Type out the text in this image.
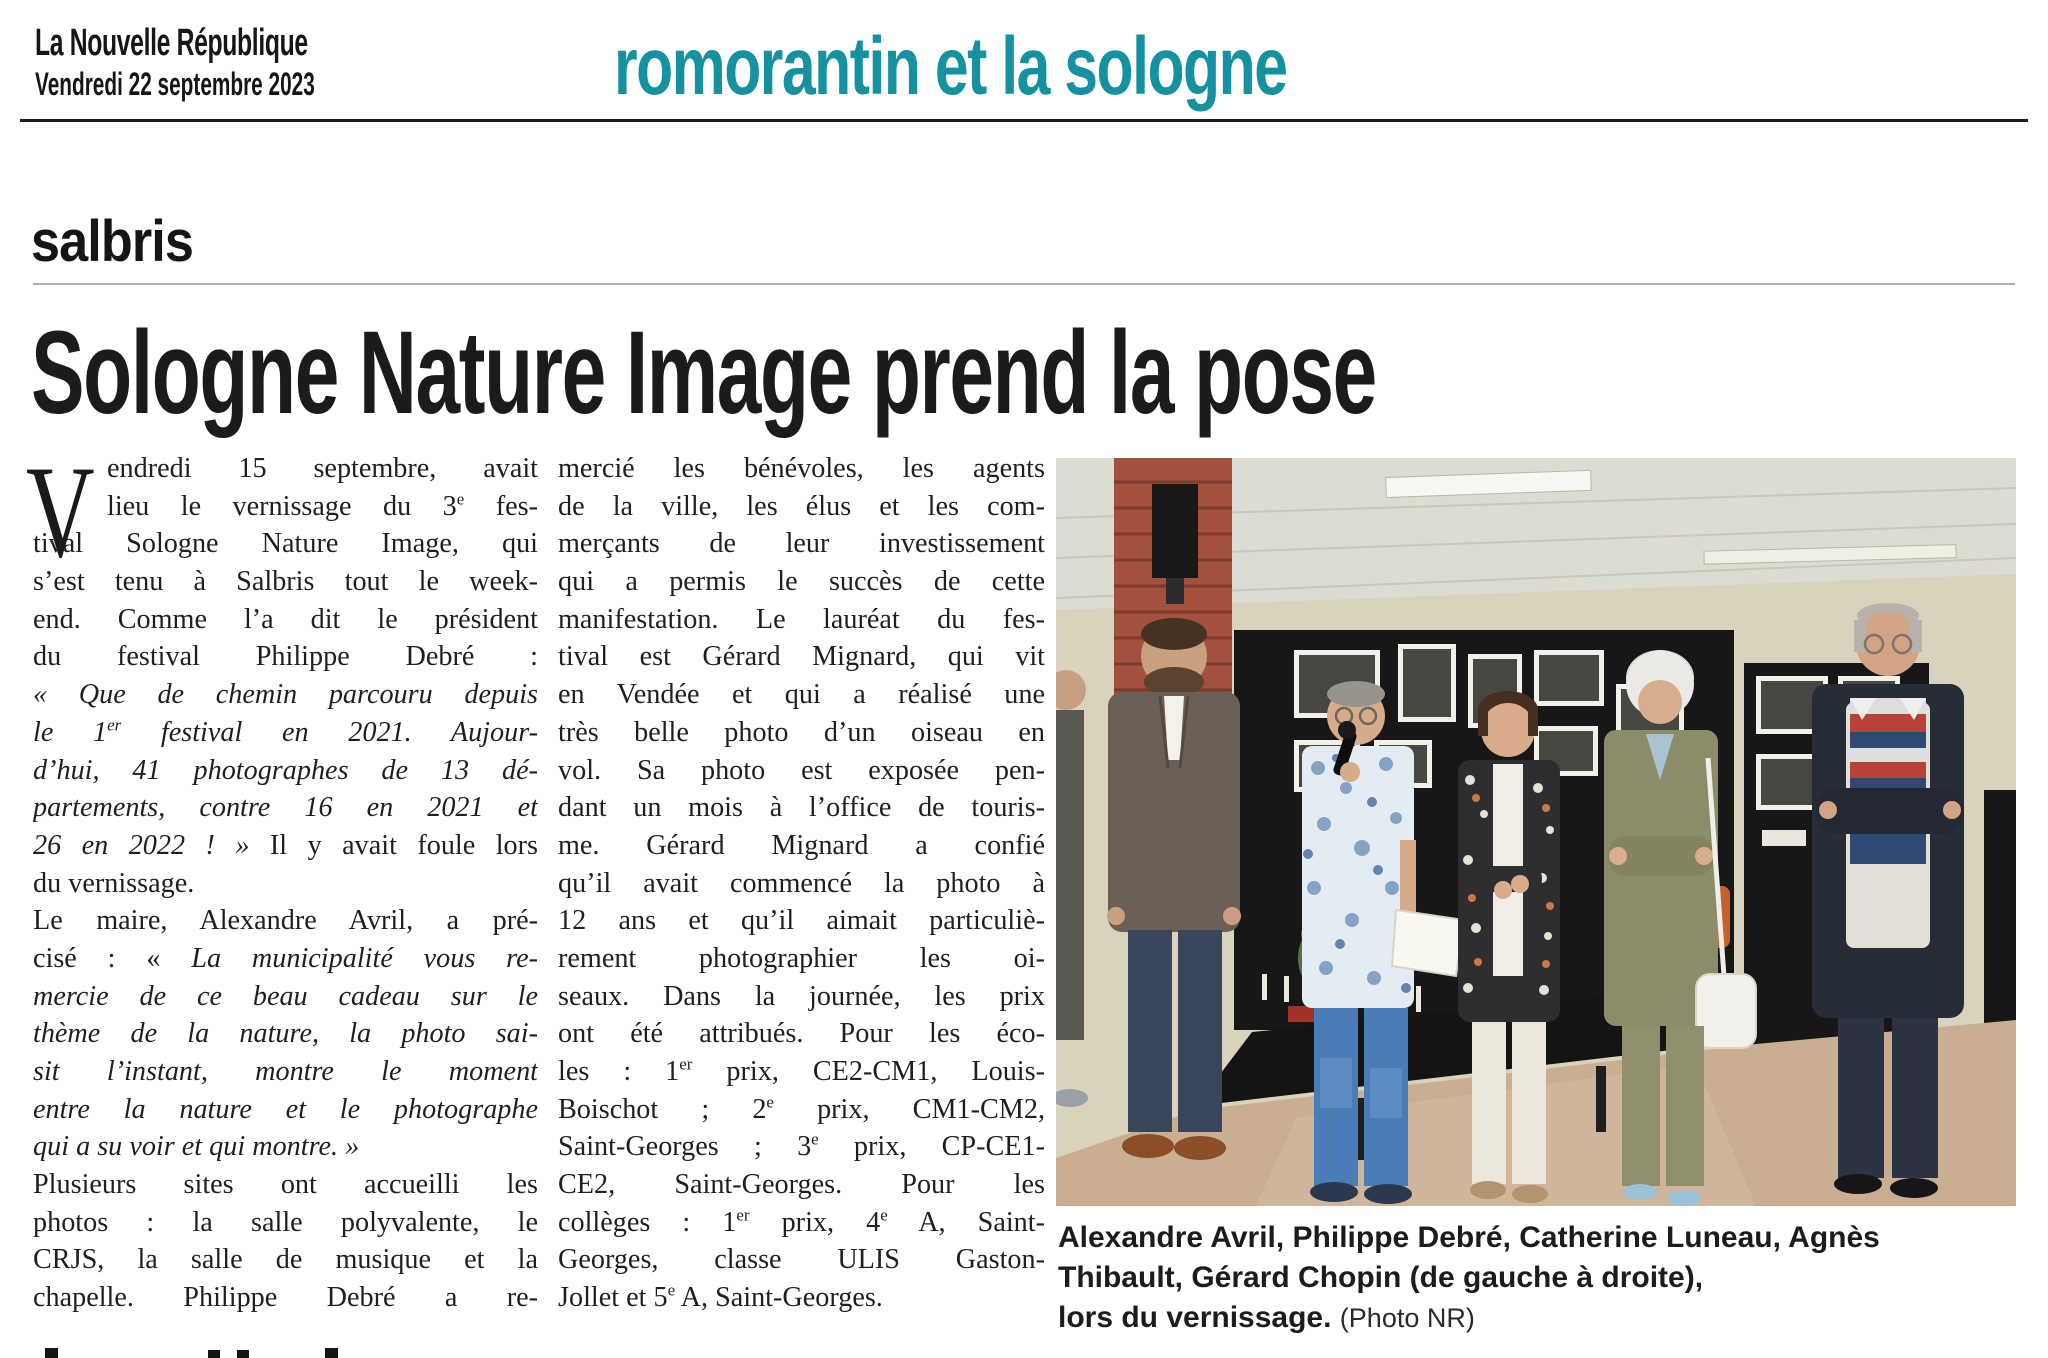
La Nouvelle République
Vendredi 22 septembre 2023	romorantin et la sologne
salbris
Sologne Nature Image prend la pose
V endredi 15 septembre, avait
lieu le vernissage du 3e fes-
tival Sologne Nature Image, qui
s’est tenu à Salbris tout le week-
end. Comme l’a dit le président
du festival Philippe Debré :
« Que de chemin parcouru depuis
le 1er festival en 2021. Aujour-
d’hui, 41 photographes de 13 dé-
partements, contre 16 en 2021 et
26 en 2022 ! » Il y avait foule lors
du vernissage.
Le maire, Alexandre Avril, a pré-
cisé : « La municipalité vous re-
mercie de ce beau cadeau sur le
thème de la nature, la photo sai-
sit l’instant, montre le moment
entre la nature et le photographe
qui a su voir et qui montre. »
Plusieurs sites ont accueilli les
photos : la salle polyvalente, le
CRJS, la salle de musique et la
chapelle. Philippe Debré a re-
mercié les bénévoles, les agents
de la ville, les élus et les com-
merçants de leur investissement
qui a permis le succès de cette
manifestation. Le lauréat du fes-
tival est Gérard Mignard, qui vit
en Vendée et qui a réalisé une
très belle photo d’un oiseau en
vol. Sa photo est exposée pen-
dant un mois à l’office de touris-
me. Gérard Mignard a confié
qu’il avait commencé la photo à
12 ans et qu’il aimait particuliè-
rement photographier les oi-
seaux. Dans la journée, les prix
ont été attribués. Pour les éco-
les : 1er prix, CE2-CM1, Louis-
Boischot ; 2e prix, CM1-CM2,
Saint-Georges ; 3e prix, CP-CE1-
CE2, Saint-Georges. Pour les
collèges : 1er prix, 4e A, Saint-
Georges, classe ULIS Gaston-
Jollet et 5e A, Saint-Georges.
Alexandre Avril, Philippe Debré, Catherine Luneau, Agnès
Thibault, Gérard Chopin (de gauche à droite),
lors du vernissage. (Photo NR)
